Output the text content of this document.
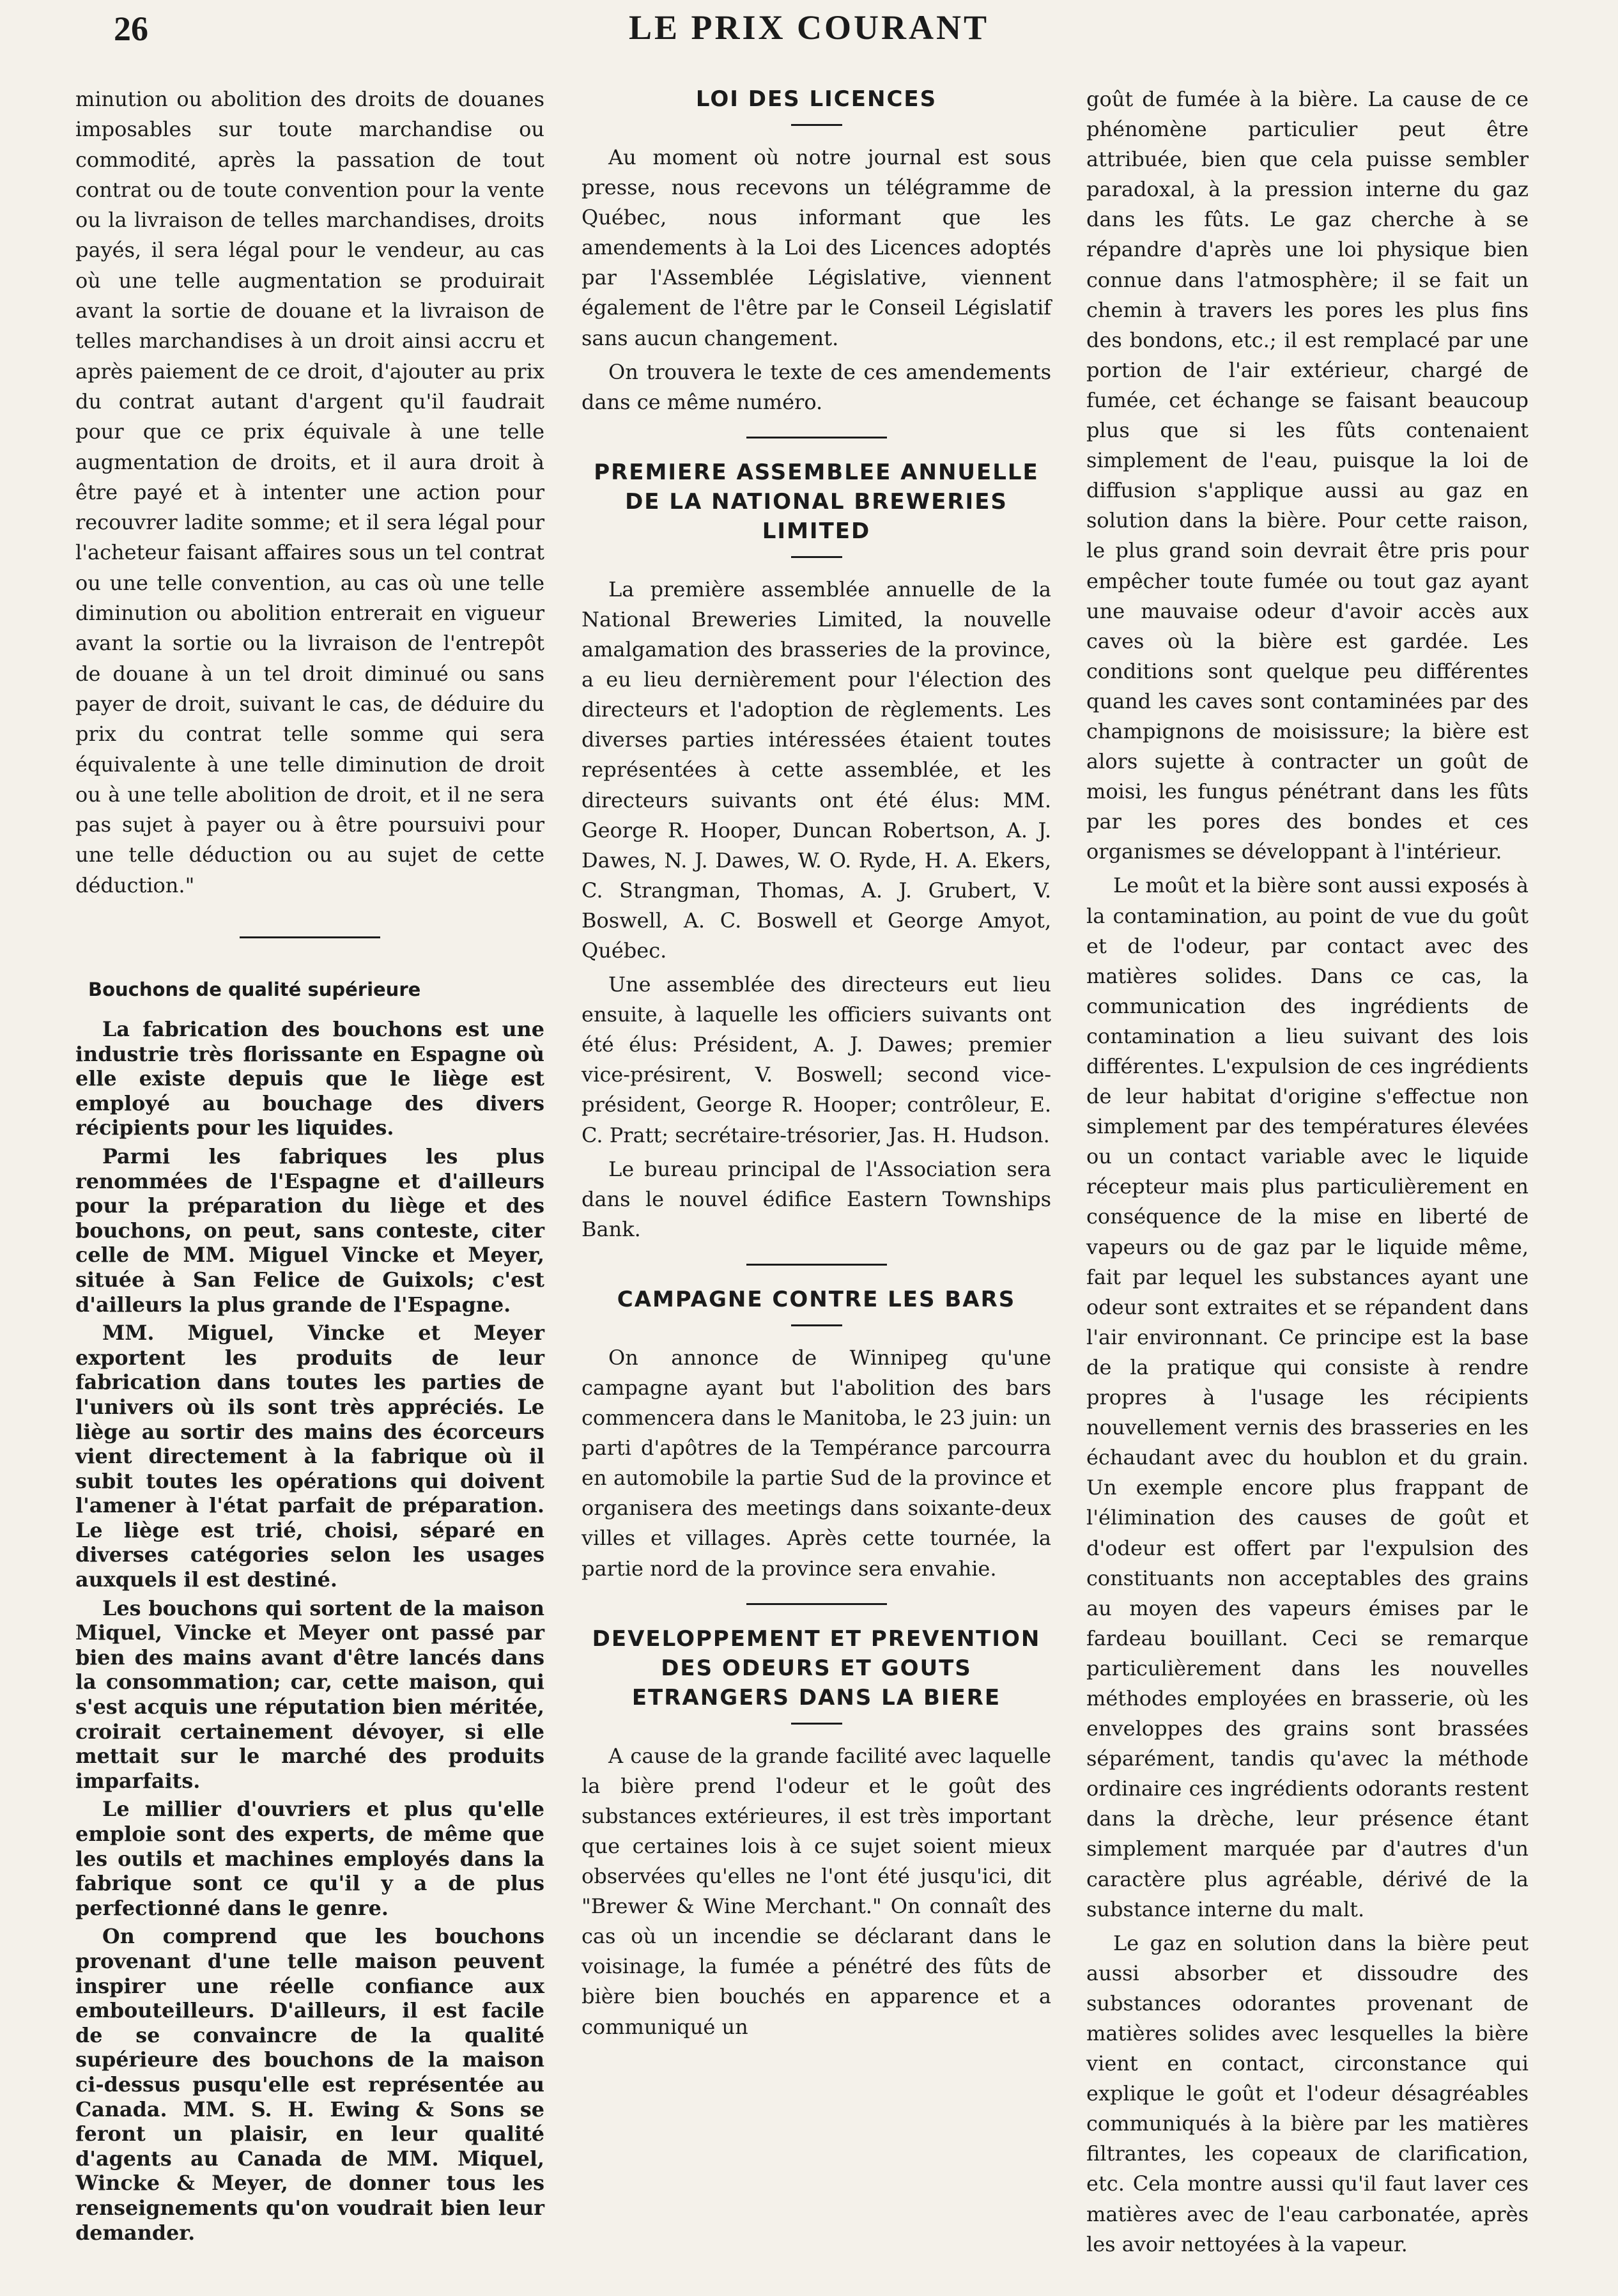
26	LE PRIX COURANT

minution ou abolition des droits de douanes imposables sur toute marchandise ou commodité, après la passation de tout contrat ou de toute convention pour la vente ou la livraison de telles marchandises, droits payés, il sera légal pour le vendeur, au cas où une telle augmentation se produirait avant la sortie de douane et la livraison de telles marchandises à un droit ainsi accru et après paiement de ce droit, d'ajouter au prix du contrat autant d'argent qu'il faudrait pour que ce prix équivale à une telle augmentation de droits, et il aura droit à être payé et à intenter une action pour recouvrer ladite somme; et il sera légal pour l'acheteur faisant affaires sous un tel contrat ou une telle convention, au cas où une telle diminution ou abolition entrerait en vigueur avant la sortie ou la livraison de l'entrepôt de douane à un tel droit diminué ou sans payer de droit, suivant le cas, de déduire du prix du contrat telle somme qui sera équivalente à une telle diminution de droit ou à une telle abolition de droit, et il ne sera pas sujet à payer ou à être poursuivi pour une telle déduction ou au sujet de cette déduction."

Bouchons de qualité supérieure

La fabrication des bouchons est une industrie très florissante en Espagne où elle existe depuis que le liège est employé au bouchage des divers récipients pour les liquides.

Parmi les fabriques les plus renommées de l'Espagne et d'ailleurs pour la préparation du liège et des bouchons, on peut, sans conteste, citer celle de MM. Miguel Vincke et Meyer, située à San Felice de Guixols; c'est d'ailleurs la plus grande de l'Espagne.

MM. Miguel, Vincke et Meyer exportent les produits de leur fabrication dans toutes les parties de l'univers où ils sont très appréciés. Le liège au sortir des mains des écorceurs vient directement à la fabrique où il subit toutes les opérations qui doivent l'amener à l'état parfait de préparation. Le liège est trié, choisi, séparé en diverses catégories selon les usages auxquels il est destiné.

Les bouchons qui sortent de la maison Miquel, Vincke et Meyer ont passé par bien des mains avant d'être lancés dans la consommation; car, cette maison, qui s'est acquis une réputation bien méritée, croirait certainement dévoyer, si elle mettait sur le marché des produits imparfaits.

Le millier d'ouvriers et plus qu'elle emploie sont des experts, de même que les outils et machines employés dans la fabrique sont ce qu'il y a de plus perfectionné dans le genre.

On comprend que les bouchons provenant d'une telle maison peuvent inspirer une réelle confiance aux embouteilleurs. D'ailleurs, il est facile de se convaincre de la qualité supérieure des bouchons de la maison ci-dessus pusqu'elle est représentée au Canada. MM. S. H. Ewing & Sons se feront un plaisir, en leur qualité d'agents au Canada de MM. Miquel, Wincke & Meyer, de donner tous les renseignements qu'on voudrait bien leur demander.

LOI DES LICENCES

Au moment où notre journal est sous presse, nous recevons un télégramme de Québec, nous informant que les amendements à la Loi des Licences adoptés par l'Assemblée Législative, viennent également de l'être par le Conseil Législatif sans aucun changement.

On trouvera le texte de ces amendements dans ce même numéro.

PREMIERE ASSEMBLEE ANNUELLE DE LA NATIONAL BREWERIES LIMITED

La première assemblée annuelle de la National Breweries Limited, la nouvelle amalgamation des brasseries de la province, a eu lieu dernièrement pour l'élection des directeurs et l'adoption de règlements. Les diverses parties intéressées étaient toutes représentées à cette assemblée, et les directeurs suivants ont été élus: MM. George R. Hooper, Duncan Robertson, A. J. Dawes, N. J. Dawes, W. O. Ryde, H. A. Ekers, C. Strangman, Thomas, A. J. Grubert, V. Boswell, A. C. Boswell et George Amyot, Québec.

Une assemblée des directeurs eut lieu ensuite, à laquelle les officiers suivants ont été élus: Président, A. J. Dawes; premier vice-présirent, V. Boswell; second vice-président, George R. Hooper; contrôleur, E. C. Pratt; secrétaire-trésorier, Jas. H. Hudson.

Le bureau principal de l'Association sera dans le nouvel édifice Eastern Townships Bank.

CAMPAGNE CONTRE LES BARS

On annonce de Winnipeg qu'une campagne ayant but l'abolition des bars commencera dans le Manitoba, le 23 juin: un parti d'apôtres de la Tempérance parcourra en automobile la partie Sud de la province et organisera des meetings dans soixante-deux villes et villages. Après cette tournée, la partie nord de la province sera envahie.

DEVELOPPEMENT ET PREVENTION DES ODEURS ET GOUTS ETRANGERS DANS LA BIERE

A cause de la grande facilité avec laquelle la bière prend l'odeur et le goût des substances extérieures, il est très important que certaines lois à ce sujet soient mieux observées qu'elles ne l'ont été jusqu'ici, dit "Brewer & Wine Merchant." On connaît des cas où un incendie se déclarant dans le voisinage, la fumée a pénétré des fûts de bière bien bouchés en apparence et a communiqué un

goût de fumée à la bière. La cause de ce phénomène particulier peut être attribuée, bien que cela puisse sembler paradoxal, à la pression interne du gaz dans les fûts. Le gaz cherche à se répandre d'après une loi physique bien connue dans l'atmosphère; il se fait un chemin à travers les pores les plus fins des bondons, etc.; il est remplacé par une portion de l'air extérieur, chargé de fumée, cet échange se faisant beaucoup plus que si les fûts contenaient simplement de l'eau, puisque la loi de diffusion s'applique aussi au gaz en solution dans la bière. Pour cette raison, le plus grand soin devrait être pris pour empêcher toute fumée ou tout gaz ayant une mauvaise odeur d'avoir accès aux caves où la bière est gardée. Les conditions sont quelque peu différentes quand les caves sont contaminées par des champignons de moisissure; la bière est alors sujette à contracter un goût de moisi, les fungus pénétrant dans les fûts par les pores des bondes et ces organismes se développant à l'intérieur.

Le moût et la bière sont aussi exposés à la contamination, au point de vue du goût et de l'odeur, par contact avec des matières solides. Dans ce cas, la communication des ingrédients de contamination a lieu suivant des lois différentes. L'expulsion de ces ingrédients de leur habitat d'origine s'effectue non simplement par des températures élevées ou un contact variable avec le liquide récepteur mais plus particulièrement en conséquence de la mise en liberté de vapeurs ou de gaz par le liquide même, fait par lequel les substances ayant une odeur sont extraites et se répandent dans l'air environnant. Ce principe est la base de la pratique qui consiste à rendre propres à l'usage les récipients nouvellement vernis des brasseries en les échaudant avec du houblon et du grain. Un exemple encore plus frappant de l'élimination des causes de goût et d'odeur est offert par l'expulsion des constituants non acceptables des grains au moyen des vapeurs émises par le fardeau bouillant. Ceci se remarque particulièrement dans les nouvelles méthodes employées en brasserie, où les enveloppes des grains sont brassées séparément, tandis qu'avec la méthode ordinaire ces ingrédients odorants restent dans la drèche, leur présence étant simplement marquée par d'autres d'un caractère plus agréable, dérivé de la substance interne du malt.

Le gaz en solution dans la bière peut aussi absorber et dissoudre des substances odorantes provenant de matières solides avec lesquelles la bière vient en contact, circonstance qui explique le goût et l'odeur désagréables communiqués à la bière par les matières filtrantes, les copeaux de clarification, etc. Cela montre aussi qu'il faut laver ces matières avec de l'eau carbonatée, après les avoir nettoyées à la vapeur.
